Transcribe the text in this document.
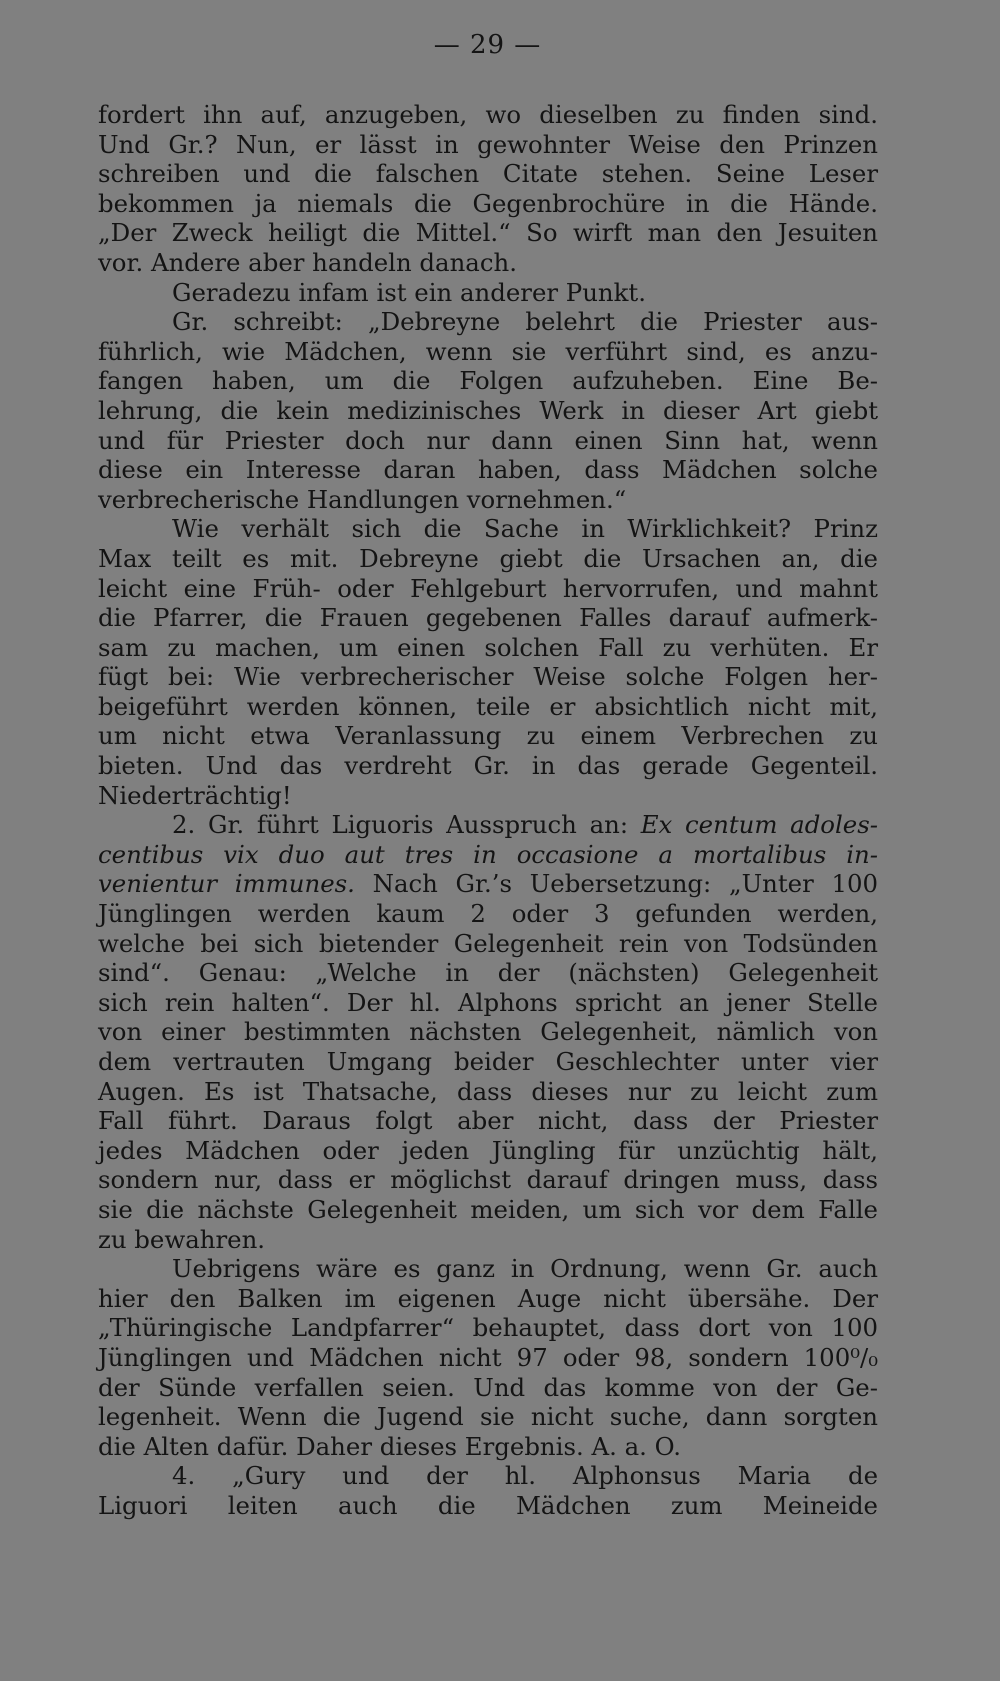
— 29 —

fordert ihn auf, anzugeben, wo dieselben zu finden sind.
Und Gr.? Nun, er lässt in gewohnter Weise den Prinzen
schreiben und die falschen Citate stehen. Seine Leser
bekommen ja niemals die Gegenbrochüre in die Hände.
„Der Zweck heiligt die Mittel.“ So wirft man den Jesuiten
vor. Andere aber handeln danach.
Geradezu infam ist ein anderer Punkt.
Gr. schreibt: „Debreyne belehrt die Priester aus-
führlich, wie Mädchen, wenn sie verführt sind, es anzu-
fangen haben, um die Folgen aufzuheben. Eine Be-
lehrung, die kein medizinisches Werk in dieser Art giebt
und für Priester doch nur dann einen Sinn hat, wenn
diese ein Interesse daran haben, dass Mädchen solche
verbrecherische Handlungen vornehmen.“
Wie verhält sich die Sache in Wirklichkeit? Prinz
Max teilt es mit. Debreyne giebt die Ursachen an, die
leicht eine Früh- oder Fehlgeburt hervorrufen, und mahnt
die Pfarrer, die Frauen gegebenen Falles darauf aufmerk-
sam zu machen, um einen solchen Fall zu verhüten. Er
fügt bei: Wie verbrecherischer Weise solche Folgen her-
beigeführt werden können, teile er absichtlich nicht mit,
um nicht etwa Veranlassung zu einem Verbrechen zu
bieten. Und das verdreht Gr. in das gerade Gegenteil.
Niederträchtig!
2. Gr. führt Liguoris Ausspruch an: Ex centum adoles-
centibus vix duo aut tres in occasione a mortalibus in-
venientur immunes. Nach Gr.’s Uebersetzung: „Unter 100
Jünglingen werden kaum 2 oder 3 gefunden werden,
welche bei sich bietender Gelegenheit rein von Todsünden
sind“. Genau: „Welche in der (nächsten) Gelegenheit
sich rein halten“. Der hl. Alphons spricht an jener Stelle
von einer bestimmten nächsten Gelegenheit, nämlich von
dem vertrauten Umgang beider Geschlechter unter vier
Augen. Es ist Thatsache, dass dieses nur zu leicht zum
Fall führt. Daraus folgt aber nicht, dass der Priester
jedes Mädchen oder jeden Jüngling für unzüchtig hält,
sondern nur, dass er möglichst darauf dringen muss, dass
sie die nächste Gelegenheit meiden, um sich vor dem Falle
zu bewahren.
Uebrigens wäre es ganz in Ordnung, wenn Gr. auch
hier den Balken im eigenen Auge nicht übersähe. Der
„Thüringische Landpfarrer“ behauptet, dass dort von 100
Jünglingen und Mädchen nicht 97 oder 98, sondern 100⁰/₀
der Sünde verfallen seien. Und das komme von der Ge-
legenheit. Wenn die Jugend sie nicht suche, dann sorgten
die Alten dafür. Daher dieses Ergebnis. A. a. O.
4. „Gury und der hl. Alphonsus Maria de
Liguori leiten auch die Mädchen zum Meineide
